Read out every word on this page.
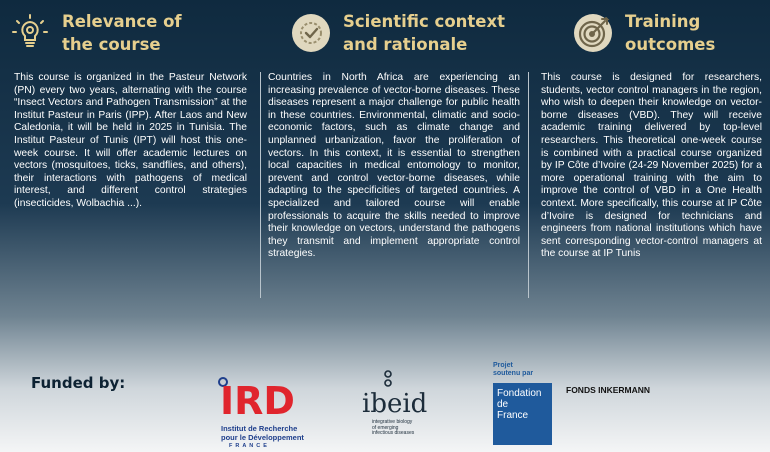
Relevance of the course
Scientific context and rationale
Training outcomes

This course is organized in the Pasteur Network (PN) every two years, alternating with the course “Insect Vectors and Pathogen Transmission” at the Institut Pasteur in Paris (IPP). After Laos and New Caledonia, it will be held in 2025 in Tunisia. The Institut Pasteur of Tunis (IPT) will host this one-week course. It will offer academic lectures on vectors (mosquitoes, ticks, sandflies, and others), their interactions with pathogens of medical interest, and different control strategies (insecticides, Wolbachia ...).

Countries in North Africa are experiencing an increasing prevalence of vector-borne diseases. These diseases represent a major challenge for public health in these countries. Environmental, climatic and socio-economic factors, such as climate change and unplanned urbanization, favor the proliferation of vectors. In this context, it is essential to strengthen local capacities in medical entomology to monitor, prevent and control vector-borne diseases, while adapting to the specificities of targeted countries. A specialized and tailored course will enable professionals to acquire the skills needed to improve their knowledge on vectors, understand the pathogens they transmit and implement appropriate control strategies.

This course is designed for researchers, students, vector control managers in the region, who wish to deepen their knowledge on vector-borne diseases (VBD). They will receive academic training delivered by top-level researchers. This theoretical one-week course is combined with a practical course organized by IP Côte d’Ivoire (24-29 November 2025) for a more operational training with the aim to improve the control of VBD in a One Health context. More specifically, this course at IP Côte d’Ivoire is designed for technicians and engineers from national institutions which have sent corresponding vector-control managers at the course at IP Tunis

Funded by: IRD
Institut de Recherche
pour le Développement
FRANCE
ibeid
integrative biology
of emerging
infectious diseases
Projet
soutenu par
Fondation
de
France
FONDS INKERMANN
